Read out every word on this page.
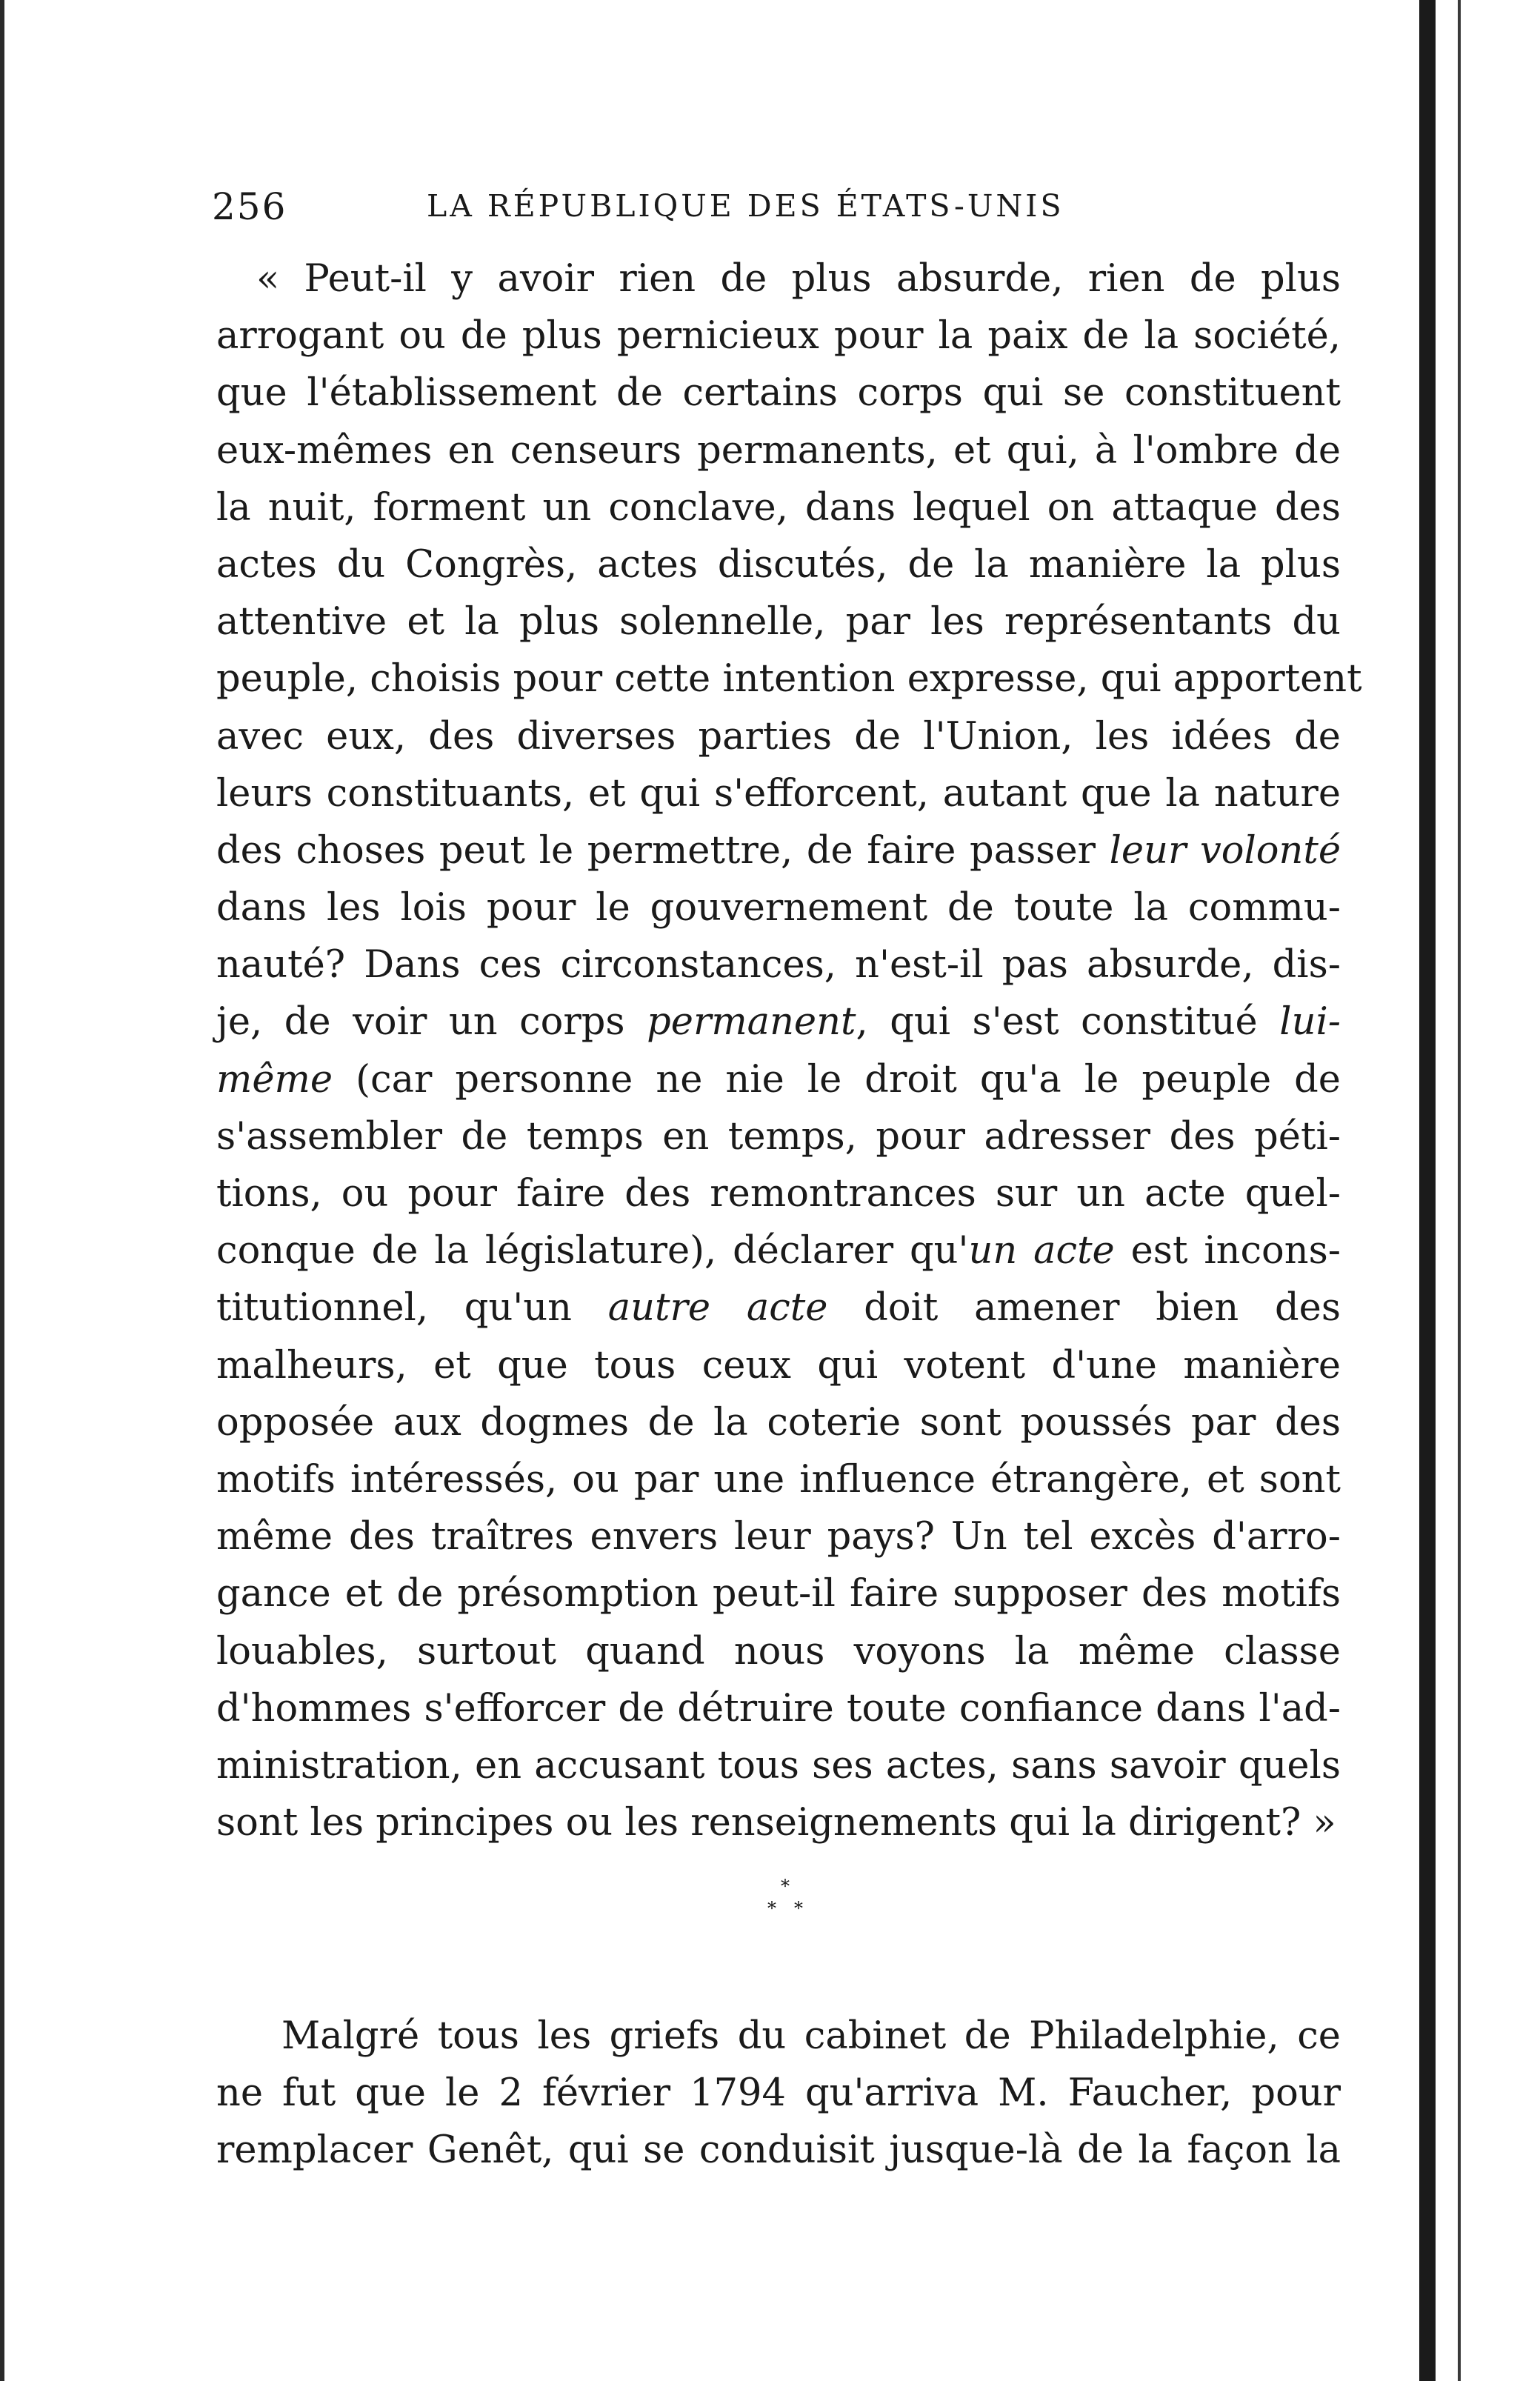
256	LA RÉPUBLIQUE DES ÉTATS-UNIS
« Peut-il y avoir rien de plus absurde, rien de plus
arrogant ou de plus pernicieux pour la paix de la société,
que l'établissement de certains corps qui se constituent
eux-mêmes en censeurs permanents, et qui, à l'ombre de
la nuit, forment un conclave, dans lequel on attaque des
actes du Congrès, actes discutés, de la manière la plus
attentive et la plus solennelle, par les représentants du
peuple, choisis pour cette intention expresse, qui apportent
avec eux, des diverses parties de l'Union, les idées de
leurs constituants, et qui s'efforcent, autant que la nature
des choses peut le permettre, de faire passer leur volonté
dans les lois pour le gouvernement de toute la commu-
nauté? Dans ces circonstances, n'est-il pas absurde, dis-
je, de voir un corps permanent, qui s'est constitué lui-
même (car personne ne nie le droit qu'a le peuple de
s'assembler de temps en temps, pour adresser des péti-
tions, ou pour faire des remontrances sur un acte quel-
conque de la législature), déclarer qu'un acte est incons-
titutionnel, qu'un autre acte doit amener bien des
malheurs, et que tous ceux qui votent d'une manière
opposée aux dogmes de la coterie sont poussés par des
motifs intéressés, ou par une influence étrangère, et sont
même des traîtres envers leur pays? Un tel excès d'arro-
gance et de présomption peut-il faire supposer des motifs
louables, surtout quand nous voyons la même classe
d'hommes s'efforcer de détruire toute confiance dans l'ad-
ministration, en accusant tous ses actes, sans savoir quels
sont les principes ou les renseignements qui la dirigent? »
*
* *
Malgré tous les griefs du cabinet de Philadelphie, ce
ne fut que le 2 février 1794 qu'arriva M. Faucher, pour
remplacer Genêt, qui se conduisit jusque-là de la façon la
